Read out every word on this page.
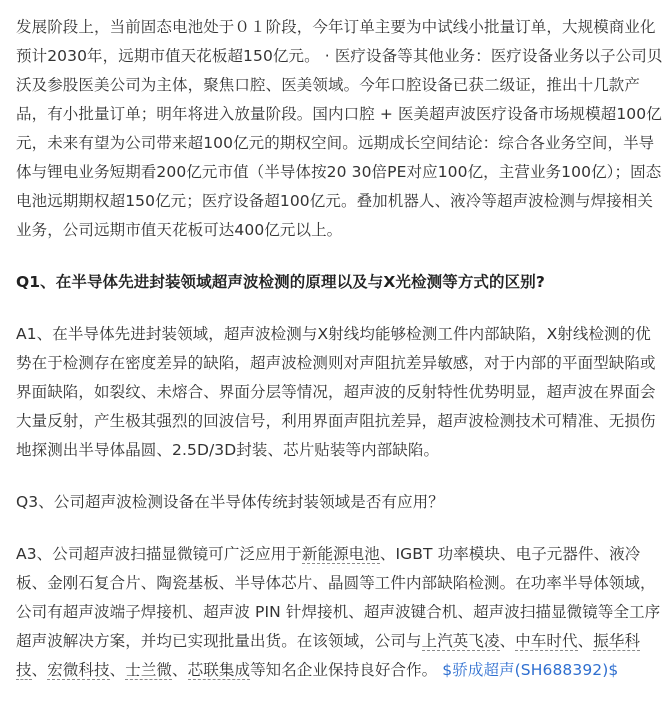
发展阶段上，当前固态电池处于０１阶段，今年订单主要为中试线小批量订单，大规模商业化预计2030年，远期市值天花板超150亿元。 · 医疗设备等其他业务：医疗设备业务以子公司贝沃及参股医美公司为主体，聚焦口腔、医美领域。今年口腔设备已获二级证，推出十几款产品，有小批量订单；明年将进入放量阶段。国内口腔 + 医美超声波医疗设备市场规模超100亿元，未来有望为公司带来超100亿元的期权空间。远期成长空间结论：综合各业务空间，半导体与锂电业务短期看200亿元市值（半导体按20 30倍PE对应100亿，主营业务100亿）；固态电池远期期权超150亿元；医疗设备超100亿元。叠加机器人、液冷等超声波检测与焊接相关业务，公司远期市值天花板可达400亿元以上。

Q1、在半导体先进封装领域超声波检测的原理以及与X光检测等方式的区别?

A1、在半导体先进封装领域，超声波检测与X射线均能够检测工件内部缺陷，X射线检测的优势在于检测存在密度差异的缺陷，超声波检测则对声阻抗差异敏感，对于内部的平面型缺陷或界面缺陷，如裂纹、未熔合、界面分层等情况，超声波的反射特性优势明显，超声波在界面会大量反射，产生极其强烈的回波信号，利用界面声阻抗差异，超声波检测技术可精准、无损伤地探测出半导体晶圆、2.5D/3D封装、芯片贴装等内部缺陷。

Q3、公司超声波检测设备在半导体传统封装领域是否有应用？

A3、公司超声波扫描显微镜可广泛应用于新能源电池、IGBT 功率模块、电子元器件、液冷板、金刚石复合片、陶瓷基板、半导体芯片、晶圆等工件内部缺陷检测。在功率半导体领域，公司有超声波端子焊接机、超声波 PIN 针焊接机、超声波键合机、超声波扫描显微镜等全工序超声波解决方案，并均已实现批量出货。在该领域，公司与上汽英飞凌、中车时代、振华科技、宏微科技、士兰微、芯联集成等知名企业保持良好合作。 $骄成超声(SH688392)$
